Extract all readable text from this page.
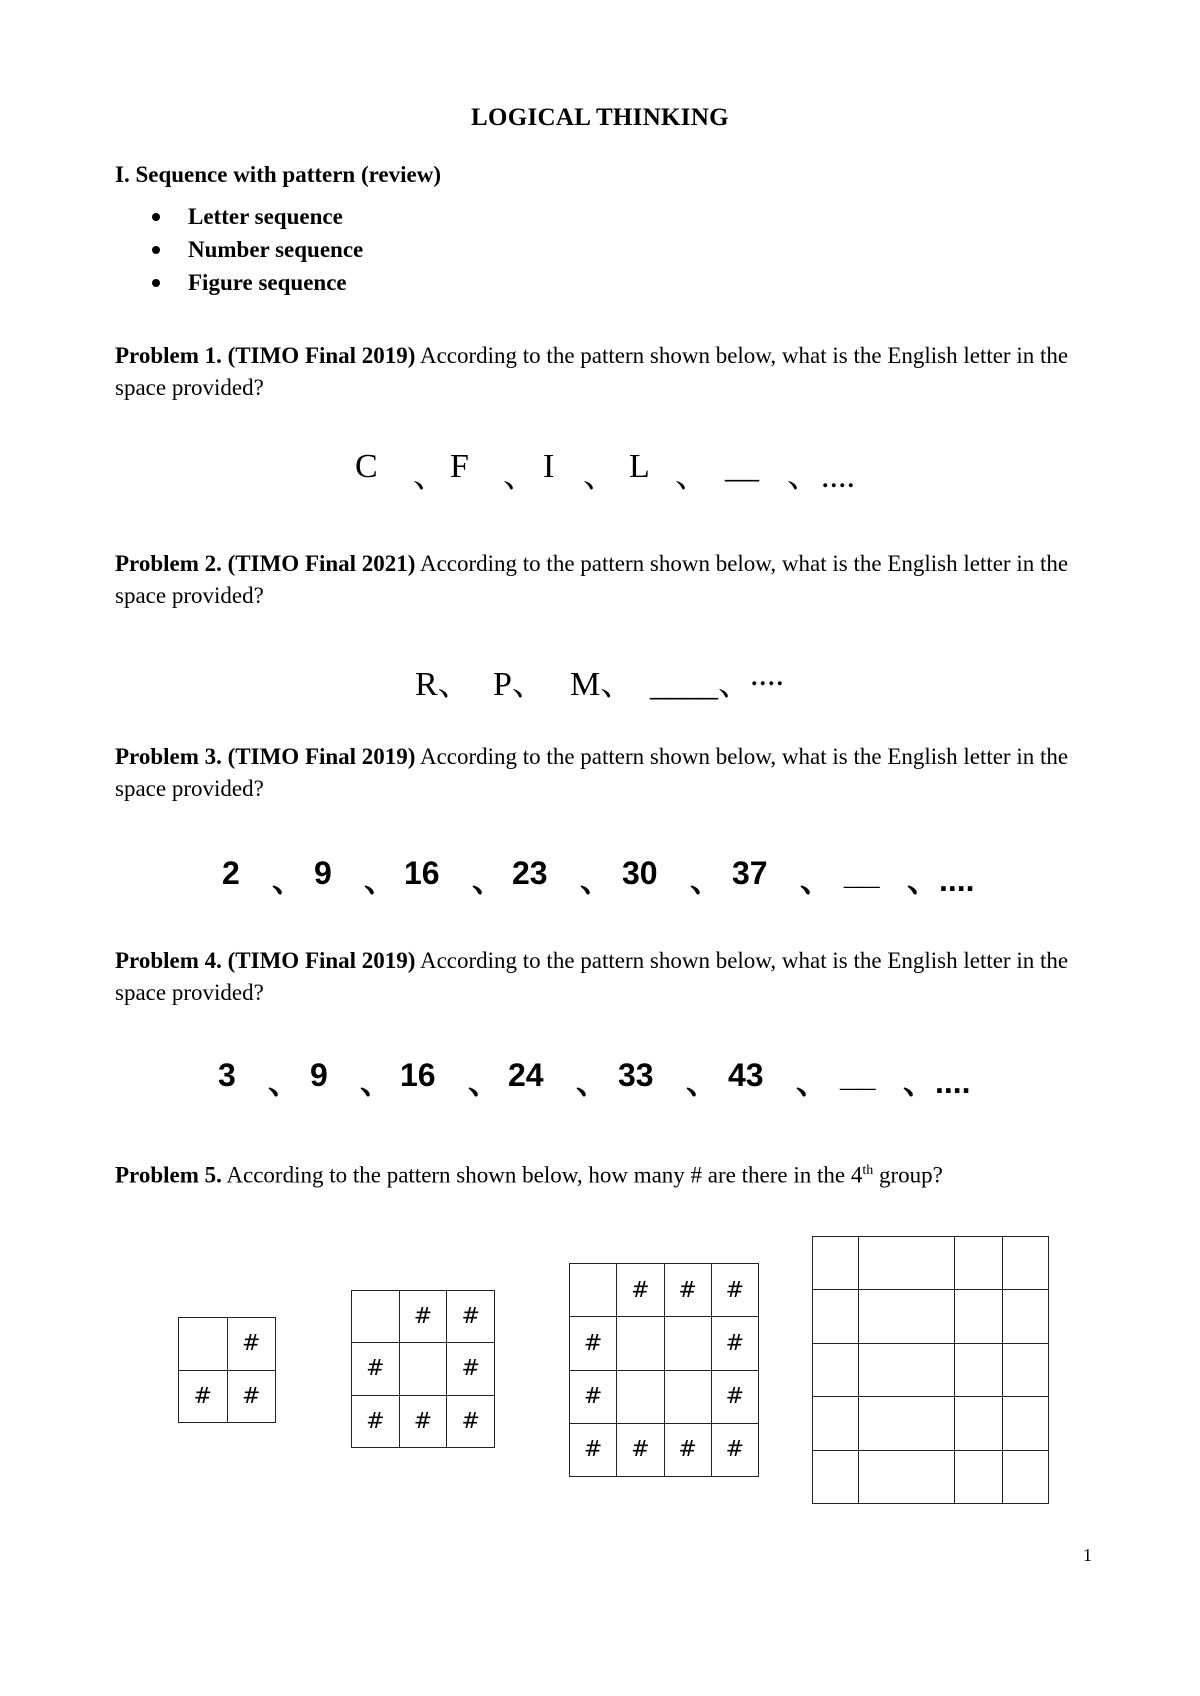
LOGICAL THINKING
I. Sequence with pattern (review)
Letter sequence
Number sequence
Figure sequence
Problem 1. (TIMO Final 2019) According to the pattern shown below, what is the English letter in the space provided?
C 、 F 、 I 、 L 、 __ 、....
Problem 2. (TIMO Final 2021) According to the pattern shown below, what is the English letter in the space provided?
R、 P、 M、 ____、
....
Problem 3. (TIMO Final 2019) According to the pattern shown below, what is the English letter in the space provided?
2 、 9 、 16 、 23 、 30 、 37 、 __ 、....
Problem 4. (TIMO Final 2019) According to the pattern shown below, what is the English letter in the space provided?
3 、 9 、 16 、 24 、 33 、 43 、 __ 、....
Problem 5. According to the pattern shown below, how many # are there in the 4th group?
	#
#	#
	#	#
#		#
#	#	#
	#	#	#
#			#
#			#
#	#	#	#

1
